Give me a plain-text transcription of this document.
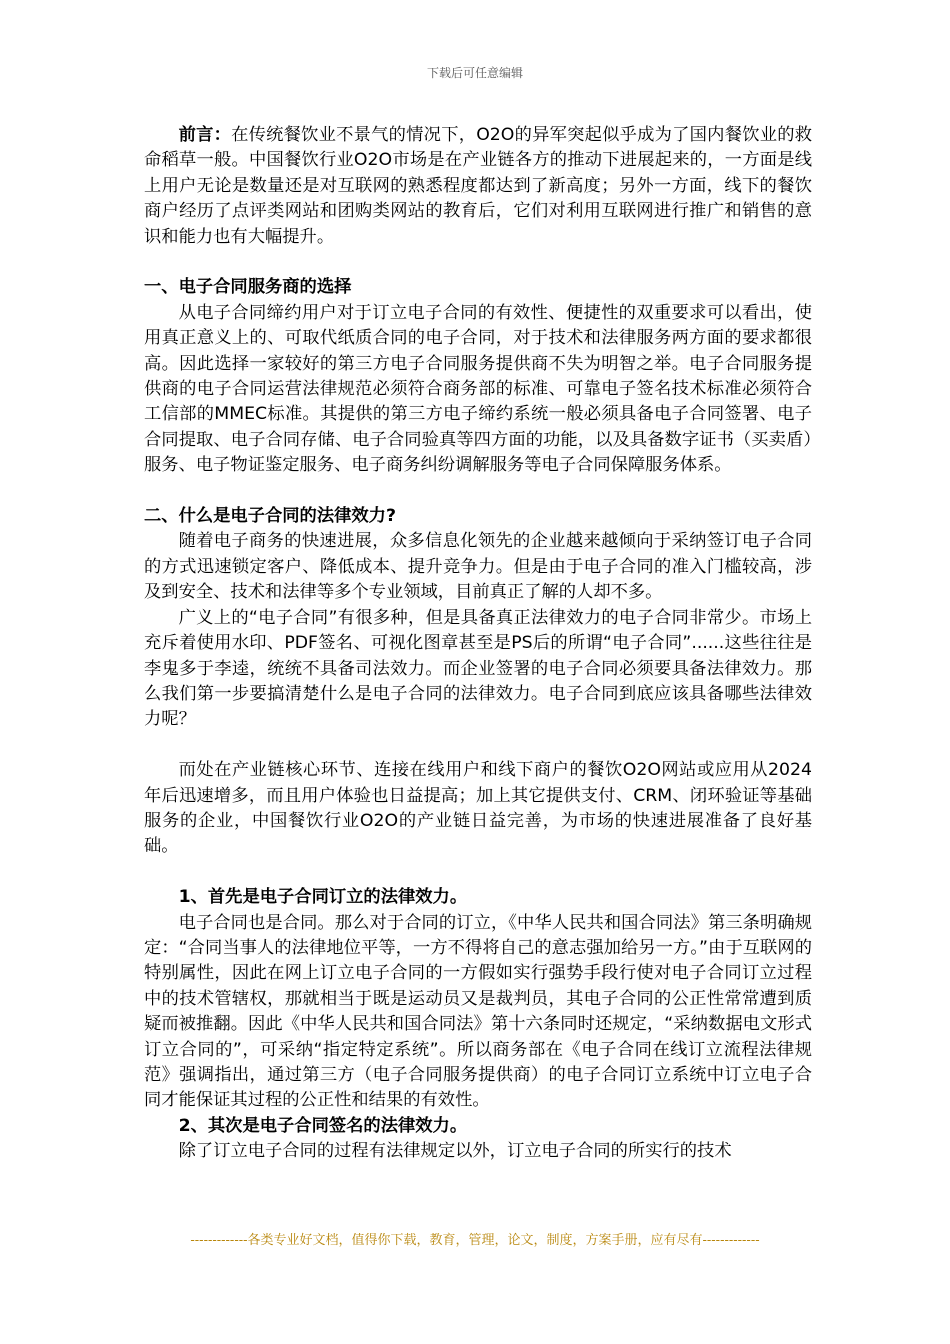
下载后可任意编辑

前言：在传统餐饮业不景气的情况下，O2O的异军突起似乎成为了国内餐饮业的救命稻草一般。中国餐饮行业O2O市场是在产业链各方的推动下进展起来的，一方面是线上用户无论是数量还是对互联网的熟悉程度都达到了新高度；另外一方面，线下的餐饮商户经历了点评类网站和团购类网站的教育后，它们对利用互联网进行推广和销售的意识和能力也有大幅提升。

一、电子合同服务商的选择

从电子合同缔约用户对于订立电子合同的有效性、便捷性的双重要求可以看出，使用真正意义上的、可取代纸质合同的电子合同，对于技术和法律服务两方面的要求都很高。因此选择一家较好的第三方电子合同服务提供商不失为明智之举。电子合同服务提供商的电子合同运营法律规范必须符合商务部的标准、可靠电子签名技术标准必须符合工信部的MMEC标准。其提供的第三方电子缔约系统一般必须具备电子合同签署、电子合同提取、电子合同存储、电子合同验真等四方面的功能，以及具备数字证书（买卖盾）服务、电子物证鉴定服务、电子商务纠纷调解服务等电子合同保障服务体系。

二、什么是电子合同的法律效力?

随着电子商务的快速进展，众多信息化领先的企业越来越倾向于采纳签订电子合同的方式迅速锁定客户、降低成本、提升竞争力。但是由于电子合同的准入门槛较高，涉及到安全、技术和法律等多个专业领域，目前真正了解的人却不多。

广义上的“电子合同”有很多种，但是具备真正法律效力的电子合同非常少。市场上充斥着使用水印、PDF签名、可视化图章甚至是PS后的所谓“电子合同”......这些往往是李鬼多于李逵，统统不具备司法效力。而企业签署的电子合同必须要具备法律效力。那么我们第一步要搞清楚什么是电子合同的法律效力。电子合同到底应该具备哪些法律效力呢？

而处在产业链核心环节、连接在线用户和线下商户的餐饮O2O网站或应用从2024年后迅速增多，而且用户体验也日益提高；加上其它提供支付、CRM、闭环验证等基础服务的企业，中国餐饮行业O2O的产业链日益完善，为市场的快速进展准备了良好基础。

1、首先是电子合同订立的法律效力。

电子合同也是合同。那么对于合同的订立，《中华人民共和国合同法》第三条明确规定：“合同当事人的法律地位平等，一方不得将自己的意志强加给另一方。”由于互联网的特别属性，因此在网上订立电子合同的一方假如实行强势手段行使对电子合同订立过程中的技术管辖权，那就相当于既是运动员又是裁判员，其电子合同的公正性常常遭到质疑而被推翻。因此《中华人民共和国合同法》第十六条同时还规定，“采纳数据电文形式订立合同的”，可采纳“指定特定系统”。所以商务部在《电子合同在线订立流程法律规范》强调指出，通过第三方（电子合同服务提供商）的电子合同订立系统中订立电子合同才能保证其过程的公正性和结果的有效性。

2、其次是电子合同签名的法律效力。

除了订立电子合同的过程有法律规定以外，订立电子合同的所实行的技术

-------------各类专业好文档，值得你下载，教育，管理，论文，制度，方案手册，应有尽有-------------
